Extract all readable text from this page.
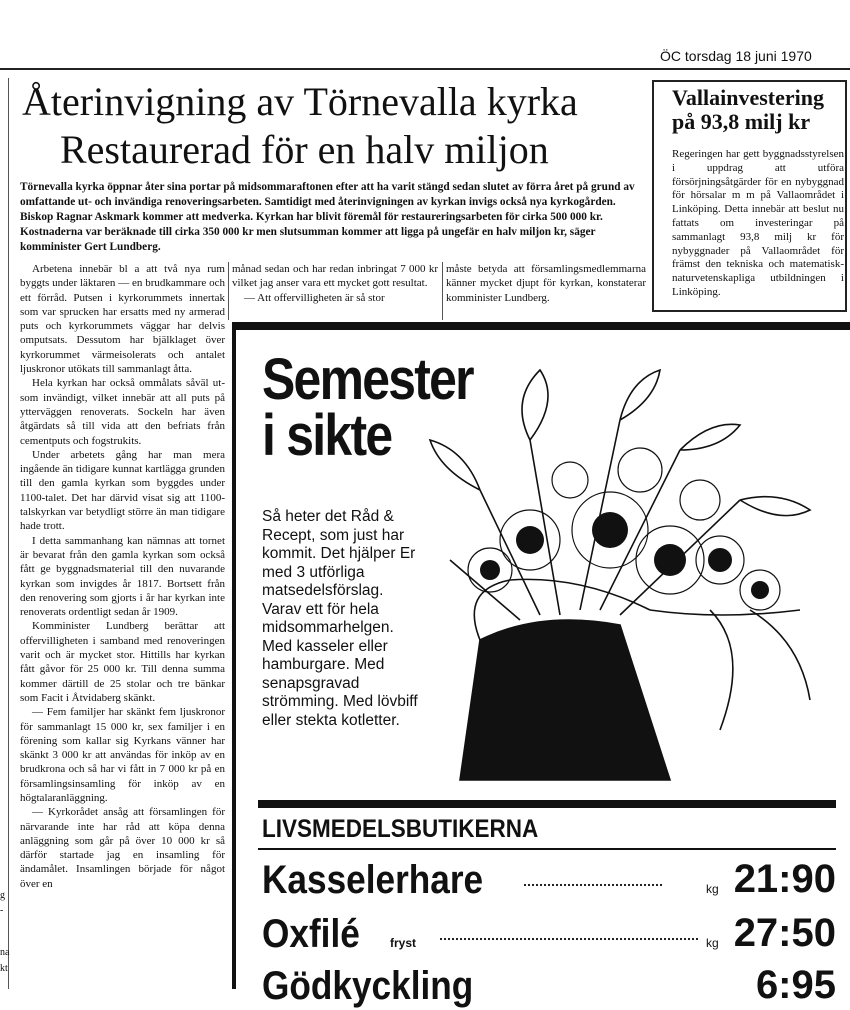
ÖC torsdag 18 juni 1970
g
-
na
kt
Återinvigning av Törnevalla kyrka
Restaurerad för en halv miljon

Törnevalla kyrka öppnar åter sina portar på midsommaraftonen efter att ha varit stängd sedan slutet av förra året på grund av omfattande ut- och invändiga renoveringsarbeten. Samtidigt med återinvigningen av kyrkan invigs också nya kyrkogården. Biskop Ragnar Askmark kommer att medverka. Kyrkan har blivit föremål för restaureringsarbeten för cirka 500 000 kr. Kostnaderna var beräknade till cirka 350 000 kr men slutsumman kommer att ligga på ungefär en halv miljon kr, säger komminister Gert Lundberg.

Arbetena innebär bl a att två nya rum byggts under läktaren — en brudkammare och ett förråd. Putsen i kyrkorummets innertak som var sprucken har ersatts med ny armerad puts och kyrkorummets väggar har delvis omputsats. Dessutom har bjälklaget över kyrkorummet värmeisolerats och antalet ljuskronor utökats till sammanlagt åtta.

Hela kyrkan har också ommålats såväl ut- som invändigt, vilket innebär att all puts på ytterväggen renoverats. Sockeln har även åtgärdats så till vida att den befriats från cementputs och fogstrukits.

Under arbetets gång har man mera ingående än tidigare kunnat kartlägga grunden till den gamla kyrkan som byggdes under 1100-talet. Det har därvid visat sig att 1100-talskyrkan var betydligt större än man tidigare hade trott.

I detta sammanhang kan nämnas att tornet är bevarat från den gamla kyrkan som också fått ge byggnadsmaterial till den nuvarande kyrkan som invigdes år 1817. Bortsett från den renovering som gjorts i år har kyrkan inte renoverats ordentligt sedan år 1909.

Komminister Lundberg berättar att offervilligheten i samband med renoveringen varit och är mycket stor. Hittills har kyrkan fått gåvor för 25 000 kr. Till denna summa kommer därtill de 25 stolar och tre bänkar som Facit i Åtvidaberg skänkt.

— Fem familjer har skänkt fem ljuskronor för sammanlagt 15 000 kr, sex familjer i en förening som kallar sig Kyrkans vänner har skänkt 3 000 kr att användas för inköp av en brudkrona och så har vi fått in 7 000 kr på en församlingsinsamling för inköp av en högtalaranläggning.

— Kyrkorådet ansåg att församlingen för närvarande inte har råd att köpa denna anläggning som går på över 10 000 kr så därför startade jag en insamling för ändamålet. Insamlingen började för något över en

månad sedan och har redan inbringat 7 000 kr vilket jag anser vara ett mycket gott resultat.

— Att offervilligheten är så stor

måste betyda att församlingsmedlemmarna känner mycket djupt för kyrkan, konstaterar komminister Lundberg.

Vallainvestering på 93,8 milj kr

Regeringen har gett byggnadsstyrelsen i uppdrag att utföra försörjningsåtgärder för en nybyggnad för hörsalar m m på Vallaområdet i Linköping. Detta innebär att beslut nu fattats om investeringar på sammanlagt 93,8 milj kr för nybyggnader på Vallaområdet för främst den tekniska och matematisk-naturvetenskapliga utbildningen i Linköping.

Semester
i sikte

Så heter det Råd & Recept, som just har kommit. Det hjälper Er med 3 utförliga matsedelsförslag. Varav ett för hela midsommarhelgen. Med kasseler eller hamburgare. Med senapsgravad strömming. Med lövbiff eller stekta kotletter.

LIVSMEDELSBUTIKERNA
Kasselerhare	kg 21:90
Oxfilé	fryst	kg 27:50
Gödkyckling	6:95
